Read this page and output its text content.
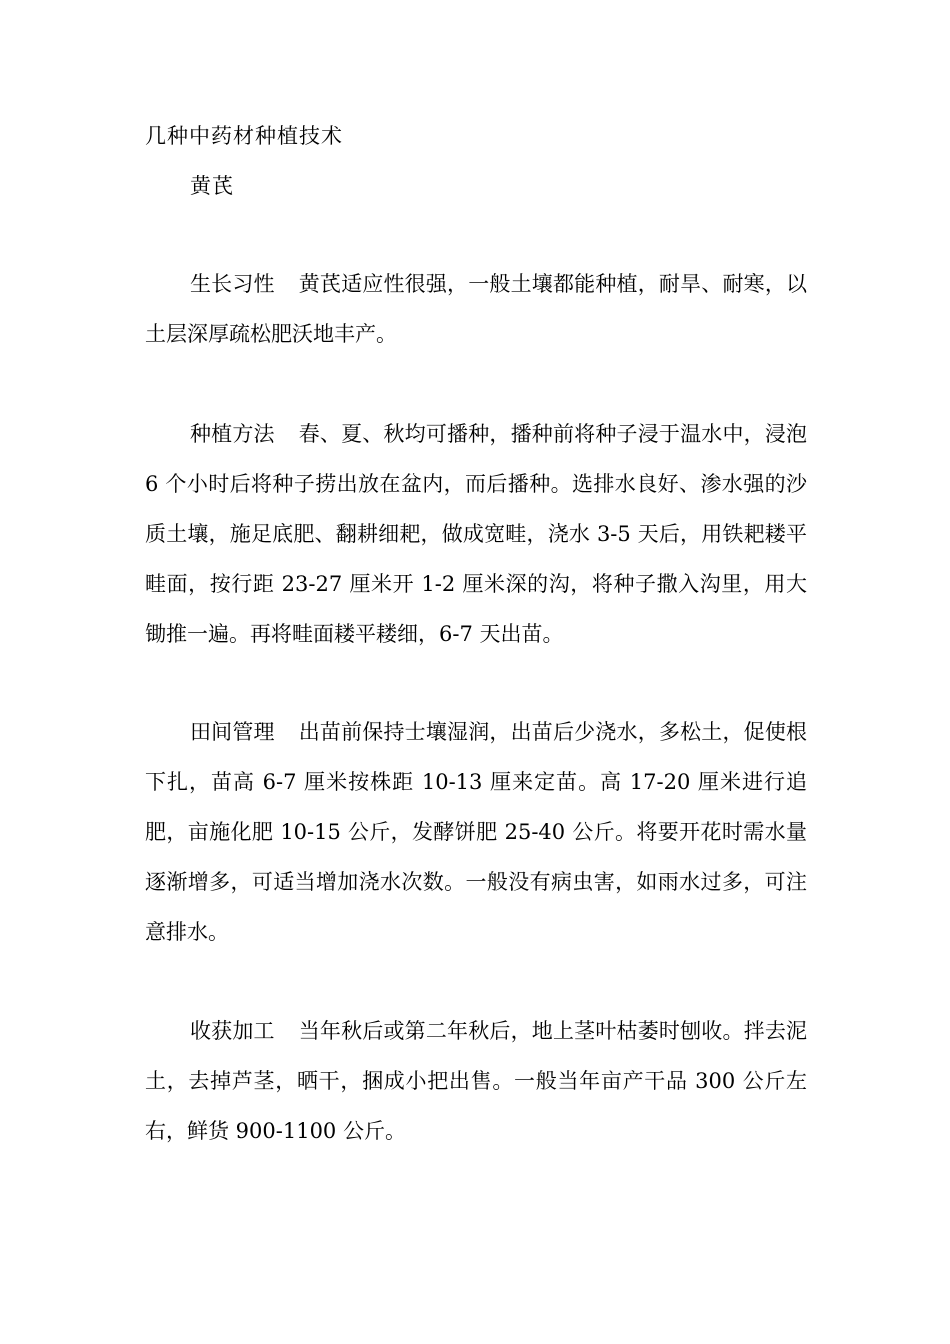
几种中药材种植技术
黄芪

生长习性 黄芪适应性很强，一般土壤都能种植，耐旱、耐寒，以土层深厚疏松肥沃地丰产。

种植方法 春、夏、秋均可播种，播种前将种子浸于温水中，浸泡 6 个小时后将种子捞出放在盆内，而后播种。选排水良好、渗水强的沙质土壤，施足底肥、翻耕细耙，做成宽畦，浇水 3-5 天后，用铁耙耧平畦面，按行距 23-27 厘米开 1-2 厘米深的沟，将种子撒入沟里，用大锄推一遍。再将畦面耧平耧细，6-7 天出苗。

田间管理 出苗前保持士壤湿润，出苗后少浇水，多松土，促使根下扎，苗高 6-7 厘米按株距 10-13 厘来定苗。高 17-20 厘米进行追肥，亩施化肥 10-15 公斤，发酵饼肥 25-40 公斤。将要开花时需水量逐渐增多，可适当增加浇水次数。一般没有病虫害，如雨水过多，可注意排水。

收获加工 当年秋后或第二年秋后，地上茎叶枯萎时刨收。拌去泥土，去掉芦茎，晒干，捆成小把出售。一般当年亩产干品 300 公斤左右，鲜货 900-1100 公斤。
